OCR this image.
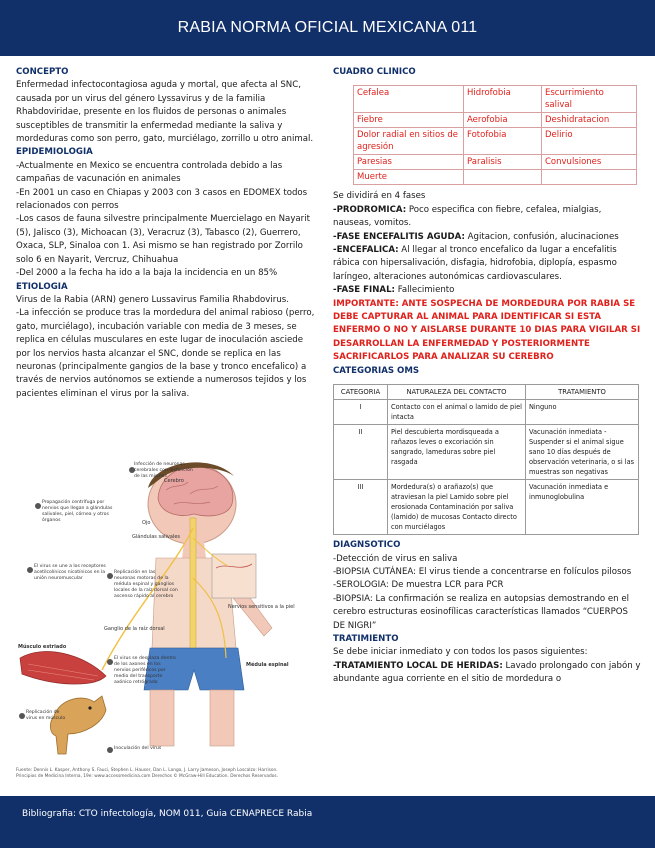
RABIA NORMA OFICIAL MEXICANA 011

CONCEPTO

Enfermedad infectocontagiosa aguda y mortal, que afecta al SNC, causada por un virus del género Lyssavirus y de la familia Rhabdoviridae, presente en los fluidos de personas o animales susceptibles de transmitir la enfermedad mediante la saliva y mordeduras como son perro, gato, murciélago, zorrillo u otro animal.

EPIDEMIOLOGIA

-Actualmente en Mexico se encuentra controlada debido a las campañas de vacunación en animales

-En 2001 un caso en Chiapas y 2003 con 3 casos en EDOMEX todos relacionados con perros

-Los casos de fauna silvestre principalmente Muercielago en Nayarit (5), Jalisco (3), Michoacan (3), Veracruz (3), Tabasco (2), Guerrero, Oxaca, SLP, Sinaloa con 1. Asi mismo se han registrado por Zorrilo solo 6 en Nayarit, Vercruz, Chihuahua

-Del 2000 a la fecha ha ido a la baja la incidencia en un 85%

ETIOLOGIA

Virus de la Rabia (ARN) genero Lussavirus Familia Rhabdovirus.

-La infección se produce tras la mordedura del animal rabioso (perro, gato, murciélago), incubación variable con media de 3 meses, se replica en células musculares en este lugar de inoculación asciede por los nervios hasta alcanzar el SNC, donde se replica en las neuronas (principalmente gangios de la base y tronco encefalico) a través de nervios autónomos se extiende a numerosos tejidos y los pacientes eliminan el virus por la saliva.

Cerebro
Ojo
Glándulas salivales
Músculo estriado
Médula espinal
Ganglio de la raíz dorsal
Nervios sensitivos a la piel
Infección de neuronas cerebrales con disfunción de las mismas
Propagación centrífuga por nervios que llegan a glándulas salivales, piel, córnea y otros órganos
El virus se une a los receptores acetilcolínicos nicotínicos en la unión neuromuscular
Replicación en las neuronas motoras de la médula espinal y ganglios locales de la raíz dorsal con ascenso rápido al cerebro
El virus se desplaza dentro de los axones en los nervios periféricos por medio del transporte axónico retrógrado
Replicación de virus en músculo
Inoculación del virus
Fuente: Dennis L. Kasper, Anthony S. Fauci, Stephen L. Hauser, Dan L. Longo, J. Larry Jameson, Joseph Loscalzo: Harrison. Principios de Medicina Interna, 19e: www.accessmedicina.com Derechos © McGraw-Hill Education. Derechos Reservados.

CUADRO CLINICO

Cefalea	Hidrofobia	Escurrimiento salival
Fiebre	Aerofobia	Deshidratacion
Dolor radial en sitios de agresión	Fotofobia	Delirio
Paresias	Paralisis	Convulsiones
Muerte		

Se dividirá en 4 fases

-PRODROMICA: Poco especifica con fiebre, cefalea, mialgias, nauseas, vomitos.

-FASE ENCEFALITIS AGUDA: Agitacion, confusión, alucinaciones

-ENCEFALICA: Al llegar al tronco encefalico da lugar a encefalitis rábica con hipersalivación, disfagia, hidrofobia, diplopía, espasmo laríngeo, alteraciones autonómicas cardiovasculares.

-FASE FINAL: Fallecimiento

IMPORTANTE: ANTE SOSPECHA DE MORDEDURA POR RABIA SE DEBE CAPTURAR AL ANIMAL PARA IDENTIFICAR SI ESTA ENFERMO O NO Y AISLARSE DURANTE 10 DIAS PARA VIGILAR SI DESARROLLAN LA ENFERMEDAD Y POSTERIORMENTE SACRIFICARLOS PARA ANALIZAR SU CEREBRO

CATEGORIAS OMS

CATEGORIA	NATURALEZA DEL CONTACTO	TRATAMIENTO
I	Contacto con el animal o lamido de piel intacta	Ninguno
II	Piel descubierta mordisqueada a rañazos leves o excoriación sin sangrado, lameduras sobre piel rasgada	Vacunación inmediata -Suspender si el animal sigue sano 10 días después de observación veterinaria, o si las muestras son negativas
III	Mordedura(s) o arañazo(s) que atraviesan la piel Lamido sobre piel erosionada Contaminación por saliva (lamido) de mucosas Contacto directo con murciélagos	Vacunación inmediata e inmunoglobulina

DIAGNSOTICO

-Detección de virus en saliva

-BIOPSIA CUTÁNEA: El virus tiende a concentrarse en folículos pilosos

-SEROLOGIA: De muestra LCR para PCR

-BIOPSIA: La confirmación se realiza en autopsias demostrando en el cerebro estructuras eosinofílicas características llamados “CUERPOS DE NIGRI”

TRATIMIENTO

Se debe iniciar inmediato y con todos los pasos siguientes:

-TRATAMIENTO LOCAL DE HERIDAS: Lavado prolongado con jabón y abundante agua corriente en el sitio de mordedura o

Bibliografia: CTO infectología, NOM 011, Guia CENAPRECE Rabia
